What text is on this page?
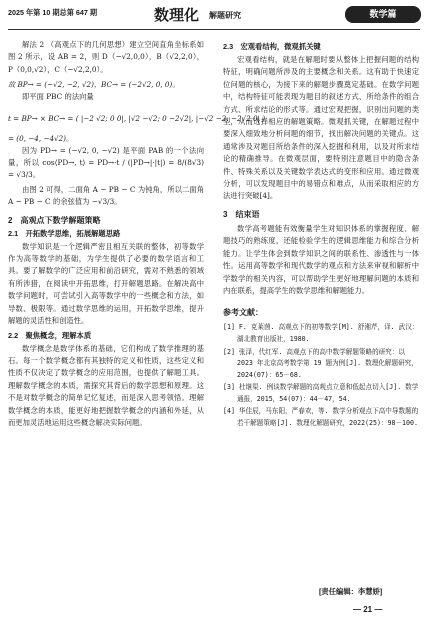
2025 年第 10 期总第 647 期	数理化 解题研究	数学篇

解法 2 （高观点下的几何思想）建立空间直角坐标系如图 2 所示，设 AB = 2，则 D（−√2,0,0），B（√2,2,0），P（0,0,√2），C（−√2,2,0）。

故 BP→ = (−√2, −2, √2)，BC→ = (−2√2, 0, 0)。

即平面 PBC 的法向量

t = BP→ × BC→ = ( |−2 √2; 0 0|, |√2 −√2; 0 −2√2|, |−√2 −2; −2√2 0| )
= (0, −4, −4√2)。

因为 PD→ = (−√2, 0, −√2) 是平面 PAB 的一个法向量，所以 cos⟨PD→, t⟩ = PD→·t / (|PD→|·|t|) = 8/(8√3) = √3/3。

由图 2 可得，二面角 A − PB − C 为钝角，所以二面角 A − PB − C 的余弦值为 −√3/3。

2　高观点下数学解题策略
2.1　开拓数学思维，拓展解题思路

数学知识是一个逻辑严密且相互关联的整体，初等数学作为高等数学的基础，为学生提供了必要的数学语言和工具。要了解数学的广泛应用和前沿研究，需对不熟悉的领域有所涉猎，在阅读中开拓思维，打开解题思路。在解决高中数学问题时，可尝试引入高等数学中的一些概念和方法，如导数、极限等。通过数学思维的运用，开拓数学思维，提升解题的灵活性和创造性。

2.2　聚焦概念，理解本质

数学概念是数学体系的基础，它们构成了数学推理的基石。每一个数学概念都有其独特的定义和性质，这些定义和性质不仅决定了数学概念的应用范围，也提供了解题工具。理解数学概念的本质，需探究其背后的数学思想和原理。这不是对数学概念的简单记忆复述，而是深入思考领悟。理解数学概念的本质，能更好地把握数学概念的内涵和外延，从而更加灵活地运用这些概念解决实际问题。

2.3　宏观看结构，微观抓关键

宏观看结构，就是在解题时要从整体上把握问题的结构特征，明确问题所涉及的主要概念和关系。这有助于快速定位问题的核心，为接下来的解题步骤奠定基础。在数学问题中，结构特征可能表现为题目的叙述方式、所给条件的组合方式、所求结论的形式等。通过宏观把握，识别出问题的类型，从而选择相应的解题策略。微观抓关键，在解题过程中要深入细致地分析问题的细节，找出解决问题的关键点。这通常涉及对题目所给条件的深入挖掘和利用，以及对所求结论的精确推导。在微观层面，要特别注意题目中的隐含条件、特殊关系以及关键数学表达式的变形和应用。通过微观分析，可以发现题目中的易错点和难点，从而采取相应的方法进行突破[4]。

3　结束语

数学高考题能有效衡量学生对知识体系的掌握程度、解题技巧的熟练度，还能检验学生的逻辑思维能力和综合分析能力。让学生体会到数学知识之间的联系性、渗透性与一体性。运用高等数学和现代数学的观点和方法来审视和解析中学数学的相关内容，可以帮助学生更好地理解问题的本质和内在联系，提高学生的数学思维和解题能力。

参考文献：
[1] F. 克莱茵. 高观点下的初等数学[M]. 舒湘芹，译. 武汉：湖北教育出版社，1980.
[2] 张泽，代红军. 高观点下的高中数学解题策略的研究：以 2023 年北京高考数学第 19 题为例[J]. 数理化解题研究，2024(07)：65－68.
[3] 杜继渠. 例谈数学解题的高观点立意和低起点切入[J]. 数学通报，2015，54(07)：44－47，54.
[4] 华佳辰，马东阳，严春欢，等. 数学分析观点下高中导数题的若干解题策略[J]. 数理化解题研究，2022(25)：98－100.
[责任编辑：李慧娇]
— 21 —
